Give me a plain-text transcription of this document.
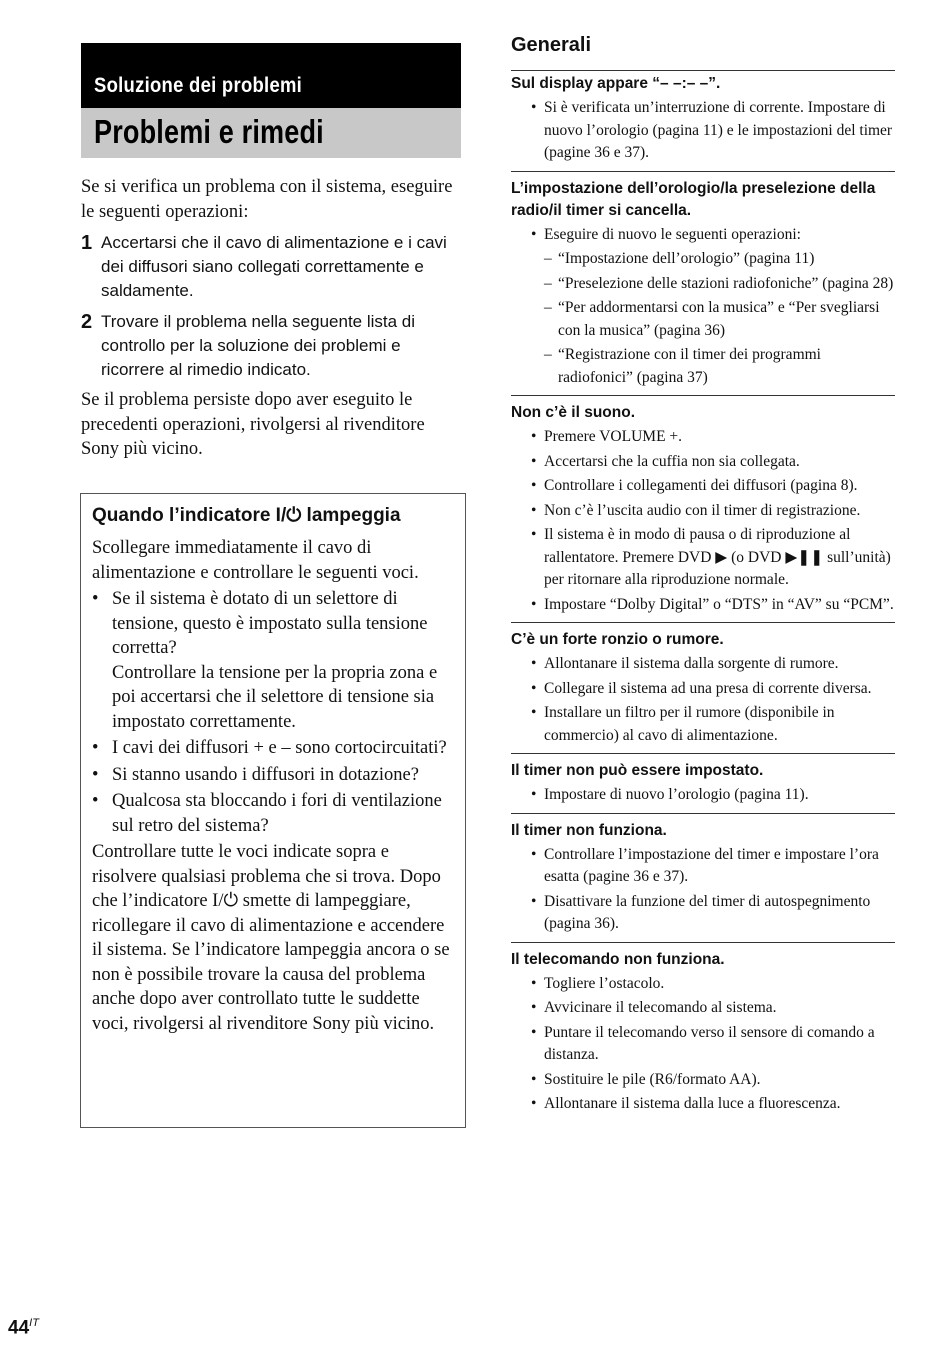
Soluzione dei problemi
Problemi e rimedi

Se si verifica un problema con il sistema, eseguire le seguenti operazioni:

1 Accertarsi che il cavo di alimentazione e i cavi dei diffusori siano collegati correttamente e saldamente.
2 Trovare il problema nella seguente lista di controllo per la soluzione dei problemi e ricorrere al rimedio indicato.

Se il problema persiste dopo aver eseguito le precedenti operazioni, rivolgersi al rivenditore Sony più vicino.

Quando l’indicatore I/⏻ lampeggia

Scollegare immediatamente il cavo di alimentazione e controllare le seguenti voci.

• Se il sistema è dotato di un selettore di tensione, questo è impostato sulla tensione corretta?
Controllare la tensione per la propria zona e poi accertarsi che il selettore di tensione sia impostato correttamente.
• I cavi dei diffusori + e – sono cortocircuitati?
• Si stanno usando i diffusori in dotazione?
• Qualcosa sta bloccando i fori di ventilazione sul retro del sistema?

Controllare tutte le voci indicate sopra e risolvere qualsiasi problema che si trova. Dopo che l’indicatore I/⏻ smette di lampeggiare, ricollegare il cavo di alimentazione e accendere il sistema. Se l’indicatore lampeggia ancora o se non è possibile trovare la causa del problema anche dopo aver controllato tutte le suddette voci, rivolgersi al rivenditore Sony più vicino.

Generali
Sul display appare “– –:– –”.
• Si è verificata un’interruzione di corrente. Impostare di nuovo l’orologio (pagina 11) e le impostazioni del timer (pagine 36 e 37).
L’impostazione dell’orologio/la preselezione della radio/il timer si cancella.
• Eseguire di nuovo le seguenti operazioni:
– “Impostazione dell’orologio” (pagina 11)
– “Preselezione delle stazioni radiofoniche” (pagina 28)
– “Per addormentarsi con la musica” e “Per svegliarsi con la musica” (pagina 36)
– “Registrazione con il timer dei programmi radiofonici” (pagina 37)
Non c’è il suono.
• Premere VOLUME +.
• Accertarsi che la cuffia non sia collegata.
• Controllare i collegamenti dei diffusori (pagina 8).
• Non c’è l’uscita audio con il timer di registrazione.
• Il sistema è in modo di pausa o di riproduzione al rallentatore. Premere DVD ▶ (o DVD ▶❚❚ sull’unità) per ritornare alla riproduzione normale.
• Impostare “Dolby Digital” o “DTS” in “AV” su “PCM”.
C’è un forte ronzio o rumore.
• Allontanare il sistema dalla sorgente di rumore.
• Collegare il sistema ad una presa di corrente diversa.
• Installare un filtro per il rumore (disponibile in commercio) al cavo di alimentazione.
Il timer non può essere impostato.
• Impostare di nuovo l’orologio (pagina 11).
Il timer non funziona.
• Controllare l’impostazione del timer e impostare l’ora esatta (pagine 36 e 37).
• Disattivare la funzione del timer di autospegnimento (pagina 36).
Il telecomando non funziona.
• Togliere l’ostacolo.
• Avvicinare il telecomando al sistema.
• Puntare il telecomando verso il sensore di comando a distanza.
• Sostituire le pile (R6/formato AA).
• Allontanare il sistema dalla luce a fluorescenza.
$44^{IT}$
